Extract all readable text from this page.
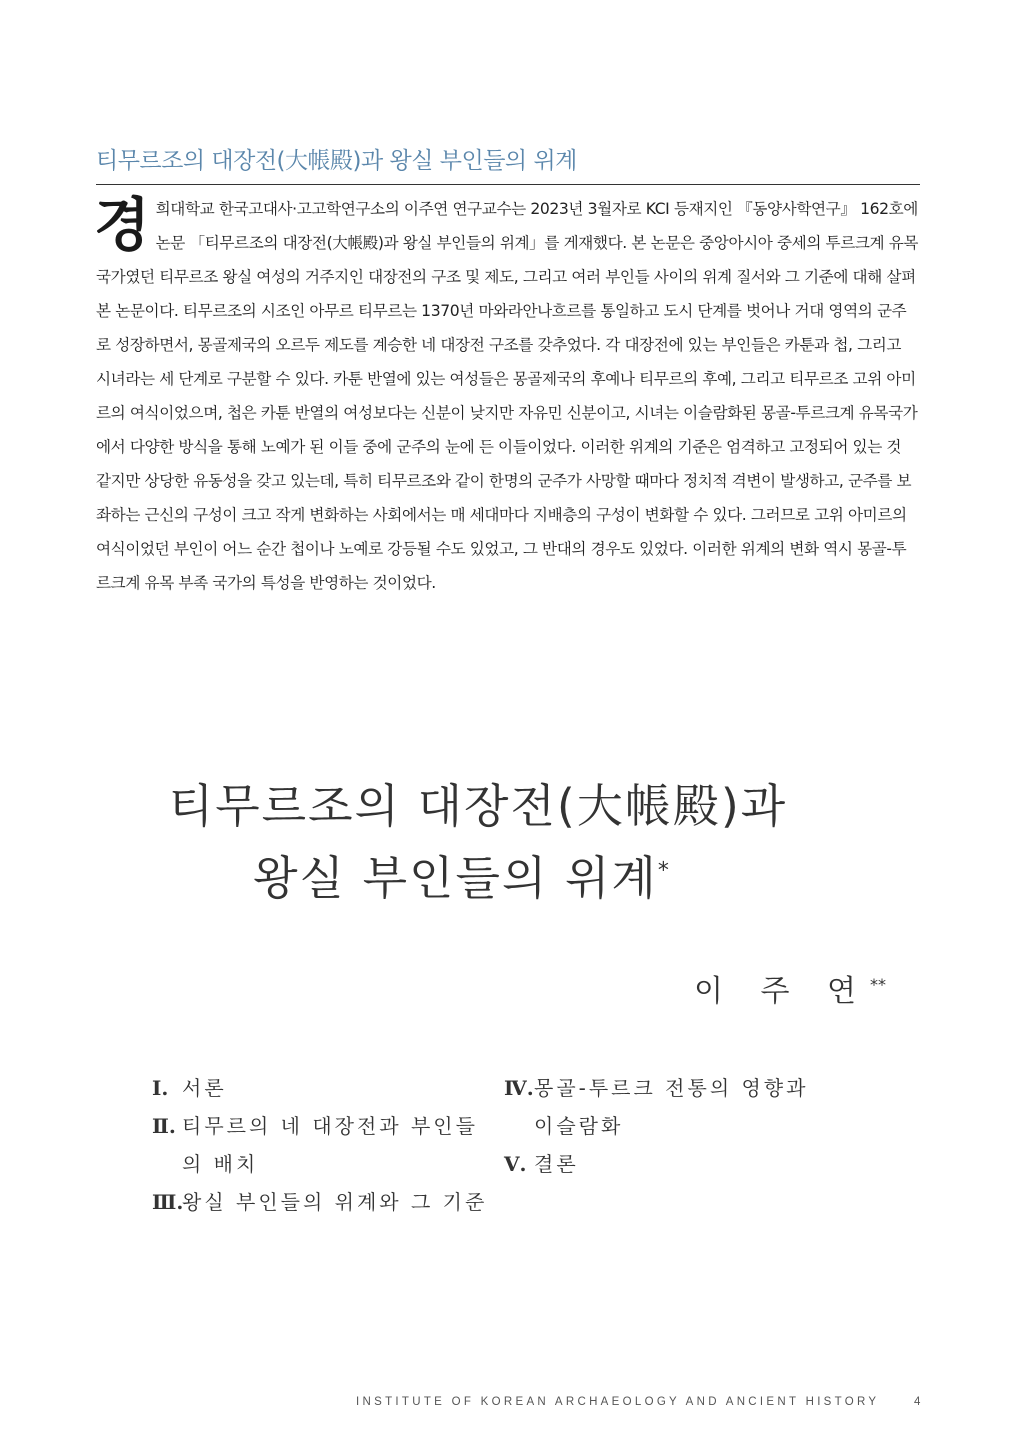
티무르조의 대장전(大帳殿)과 왕실 부인들의 위계
경 희대학교 한국고대사·고고학연구소의 이주연 연구교수는 2023년 3월자로 KCI 등재지인 『동양사학연구』 162호에 논문 「티무르조의 대장전(大帳殿)과 왕실 부인들의 위계」를 게재했다. 본 논문은 중앙아시아 중세의 투르크계 유목국가였던 티무르조 왕실 여성의 거주지인 대장전의 구조 및 제도, 그리고 여러 부인들 사이의 위계 질서와 그 기준에 대해 살펴본 논문이다. 티무르조의 시조인 아무르 티무르는 1370년 마와라안나흐르를 통일하고 도시 단계를 벗어나 거대 영역의 군주로 성장하면서, 몽골제국의 오르두 제도를 계승한 네 대장전 구조를 갖추었다. 각 대장전에 있는 부인들은 카툰과 첩, 그리고 시녀라는 세 단계로 구분할 수 있다. 카툰 반열에 있는 여성들은 몽골제국의 후예나 티무르의 후예, 그리고 티무르조 고위 아미르의 여식이었으며, 첩은 카툰 반열의 여성보다는 신분이 낮지만 자유민 신분이고, 시녀는 이슬람화된 몽골-투르크계 유목국가에서 다양한 방식을 통해 노예가 된 이들 중에 군주의 눈에 든 이들이었다. 이러한 위계의 기준은 엄격하고 고정되어 있는 것 같지만 상당한 유동성을 갖고 있는데, 특히 티무르조와 같이 한명의 군주가 사망할 때마다 정치적 격변이 발생하고, 군주를 보좌하는 근신의 구성이 크고 작게 변화하는 사회에서는 매 세대마다 지배층의 구성이 변화할 수 있다. 그러므로 고위 아미르의 여식이었던 부인이 어느 순간 첩이나 노예로 강등될 수도 있었고, 그 반대의 경우도 있었다. 이러한 위계의 변화 역시 몽골-투르크계 유목 부족 국가의 특성을 반영하는 것이었다.
티무르조의 대장전(大帳殿)과
왕실 부인들의 위계*
이 주 연**
Ⅰ. 서론
Ⅱ. 티무르의 네 대장전과 부인들
의 배치
Ⅲ.왕실 부인들의 위계와 그 기준
Ⅳ.몽골-투르크 전통의 영향과
이슬람화
Ⅴ. 결론
INSTITUTE OF KOREAN ARCHAEOLOGY AND ANCIENT HISTORY	4
